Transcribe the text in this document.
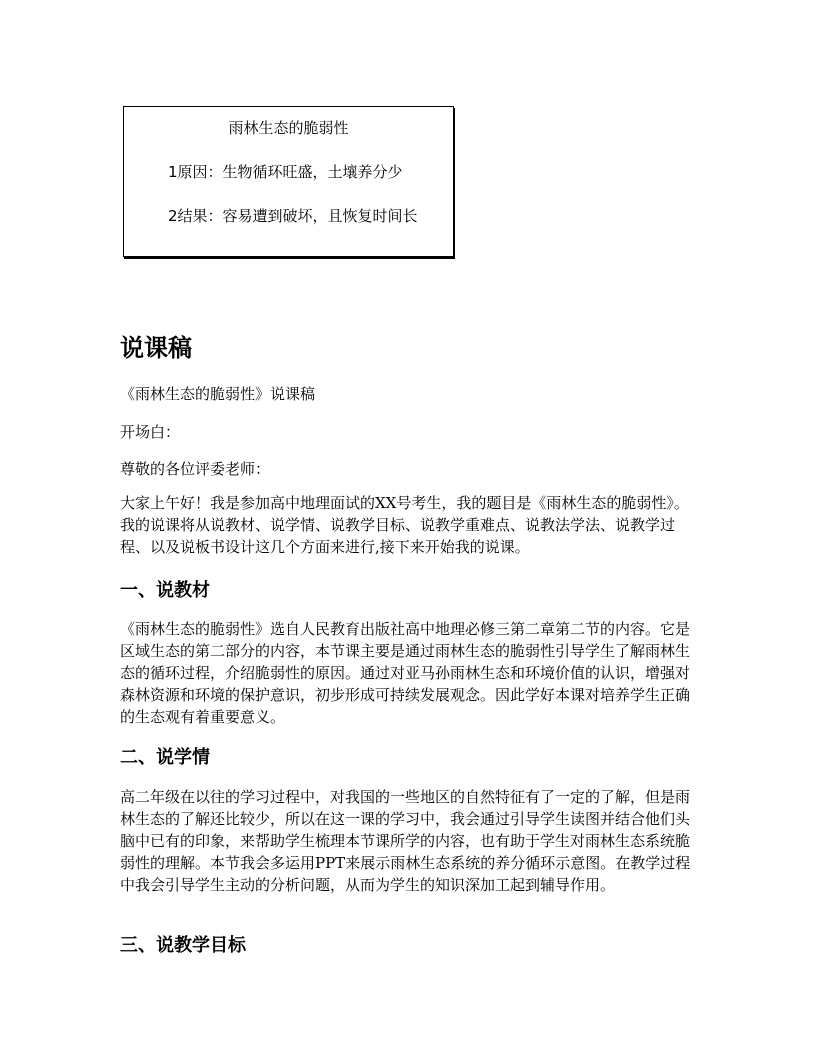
雨林生态的脆弱性
1原因：生物循环旺盛，土壤养分少
2结果：容易遭到破坏，且恢复时间长
说课稿

《雨林生态的脆弱性》说课稿

开场白：

尊敬的各位评委老师：

大家上午好！我是参加高中地理面试的XX号考生，我的题目是《雨林生态的脆弱性》。我的说课将从说教材、说学情、说教学目标、说教学重难点、说教法学法、说教学过程、以及说板书设计这几个方面来进行,接下来开始我的说课。

一、说教材

《雨林生态的脆弱性》选自人民教育出版社高中地理必修三第二章第二节的内容。它是区域生态的第二部分的内容，本节课主要是通过雨林生态的脆弱性引导学生了解雨林生态的循环过程，介绍脆弱性的原因。通过对亚马孙雨林生态和环境价值的认识，增强对森林资源和环境的保护意识，初步形成可持续发展观念。因此学好本课对培养学生正确的生态观有着重要意义。

二、说学情

高二年级在以往的学习过程中，对我国的一些地区的自然特征有了一定的了解，但是雨林生态的了解还比较少，所以在这一课的学习中，我会通过引导学生读图并结合他们头脑中已有的印象，来帮助学生梳理本节课所学的内容，也有助于学生对雨林生态系统脆弱性的理解。本节我会多运用PPT来展示雨林生态系统的养分循环示意图。在教学过程中我会引导学生主动的分析问题，从而为学生的知识深加工起到辅导作用。

三、说教学目标
